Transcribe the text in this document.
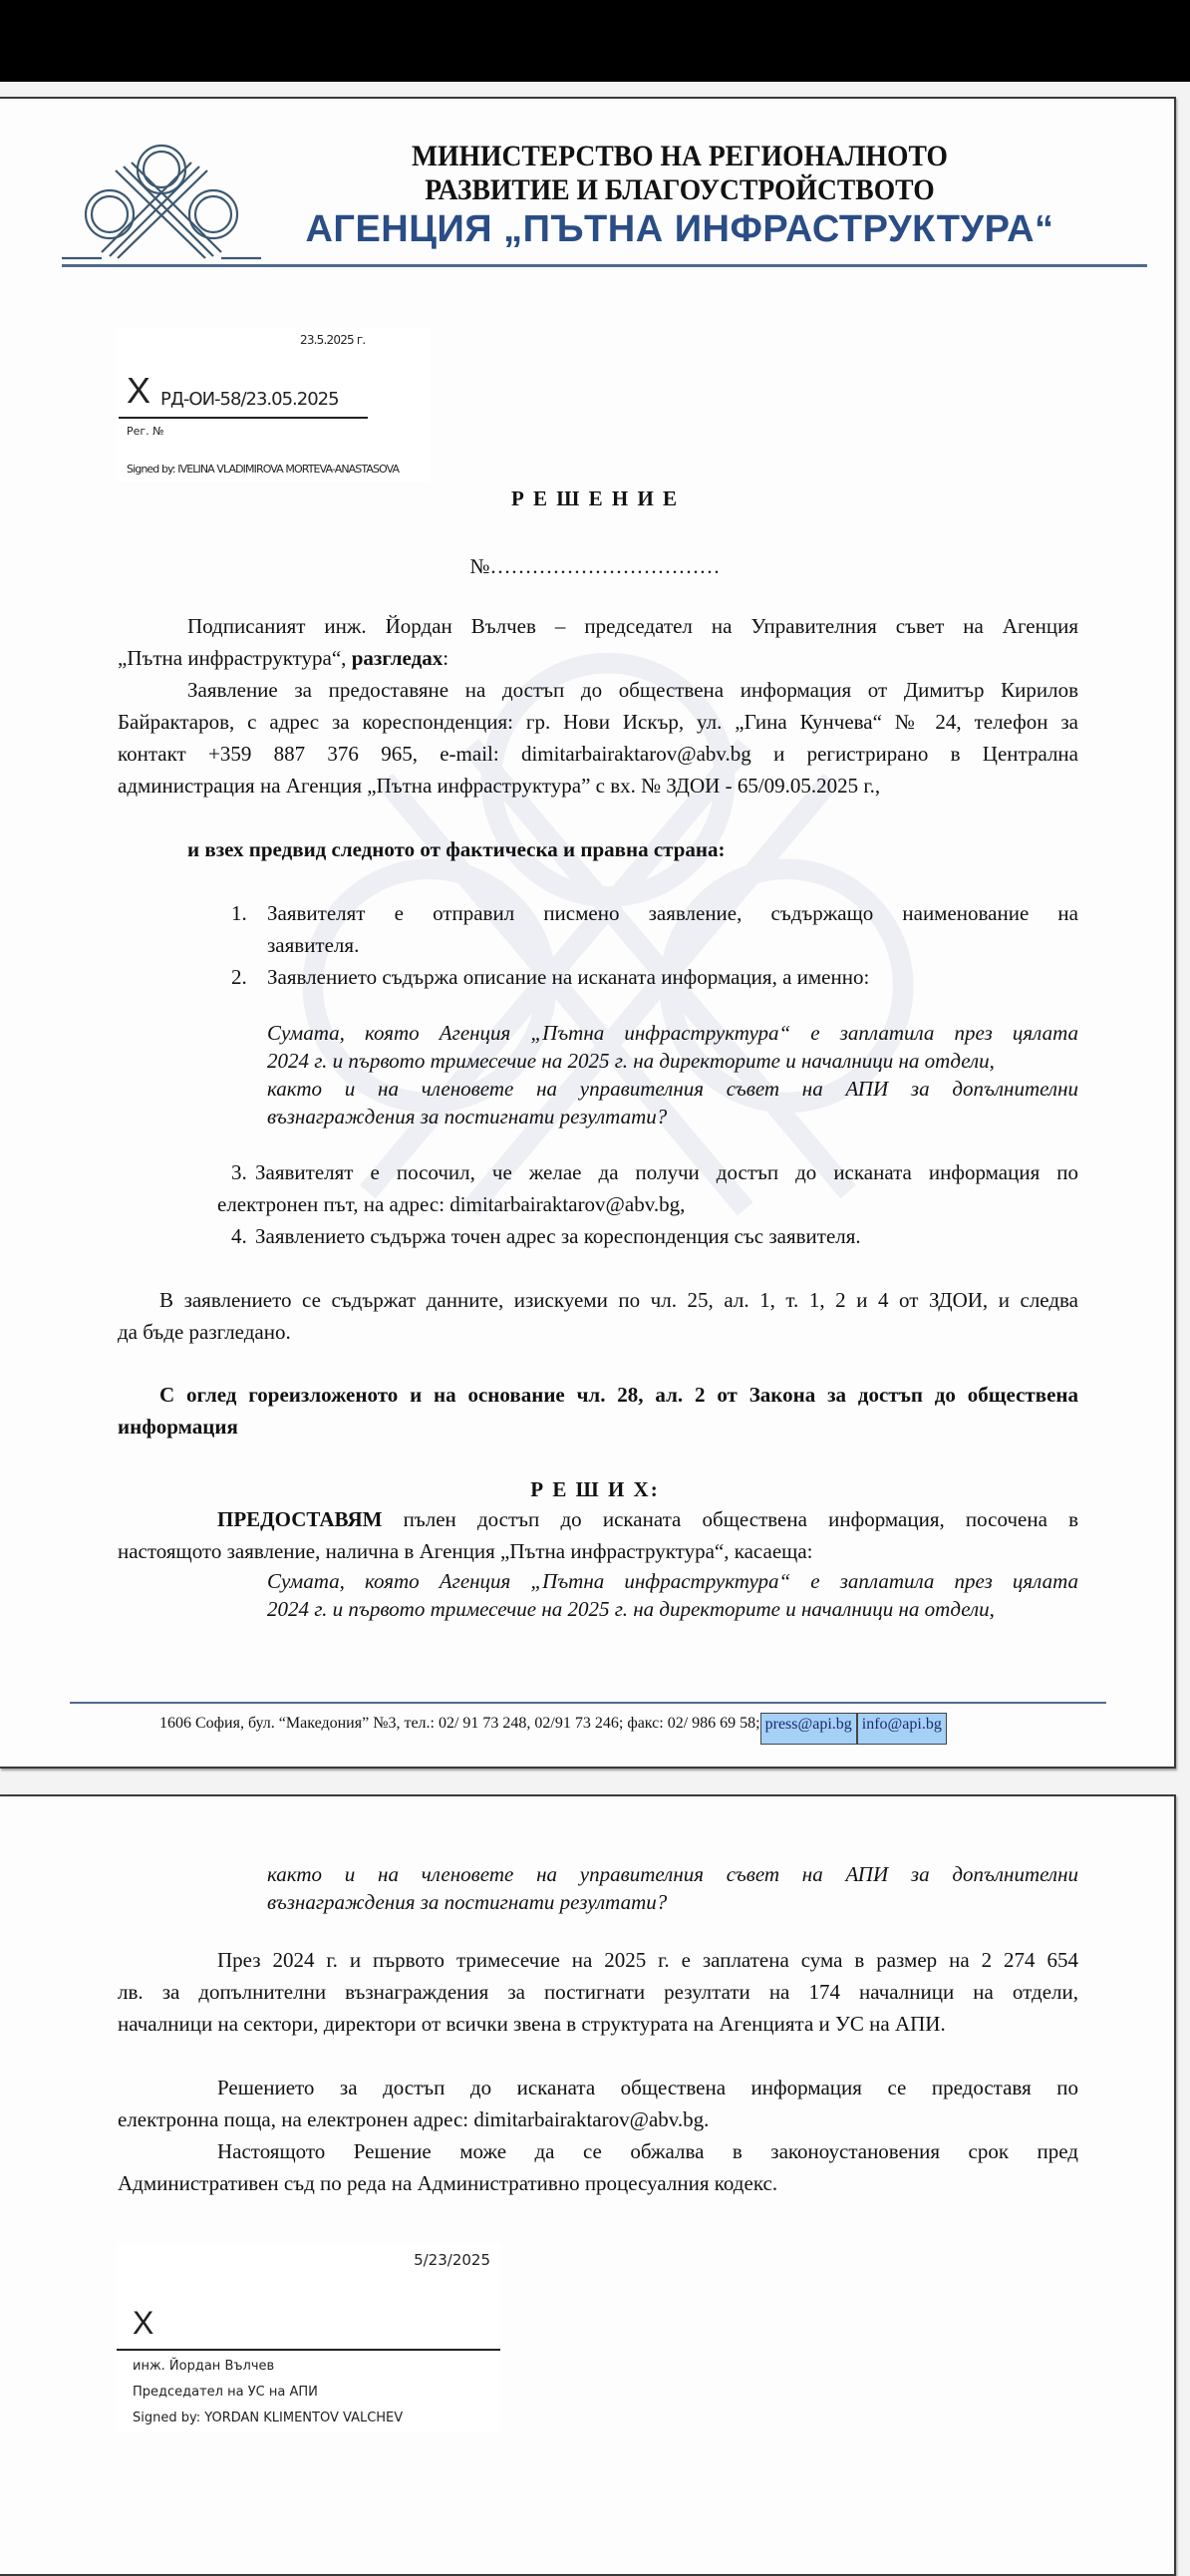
МИНИСТЕРСТВО НА РЕГИОНАЛНОТО
РАЗВИТИЕ И БЛАГОУСТРОЙСТВОТО
АГЕНЦИЯ „ПЪТНА ИНФРАСТРУКТУРА“
23.5.2025 г.
X РД-ОИ-58/23.05.2025
Рег. №
Signed by: IVELINA VLADIMIROVA MORTEVA-ANASTASOVA
Р Е Ш Е Н И Е
№……………………………
Подписаният инж. Йордан Вълчев – председател на Управителния съвет на Агенция
„Пътна инфраструктура“, разгледах:
Заявление за предоставяне на достъп до обществена информация от Димитър Кирилов
Байрактаров, с адрес за кореспонденция: гр. Нови Искър, ул. „Гина Кунчева“ № 24, телефон за
контакт +359 887 376 965, e-mail: dimitarbairaktarov@abv.bg и регистрирано в Централна
администрация на Агенция „Пътна инфраструктура” с вх. № ЗДОИ - 65/09.05.2025 г.,
и взех предвид следното от фактическа и правна страна:
1. Заявителят е отправил писмено заявление, съдържащо наименование на
заявителя.
2. Заявлението съдържа описание на исканата информация, а именно:
Сумата, която Агенция „Пътна инфраструктура“ е заплатила през цялата
2024 г. и първото тримесечие на 2025 г. на директорите и началници на отдели,
както и на членовете на управителния съвет на АПИ за допълнителни
възнаграждения за постигнати резултати?
3. Заявителят е посочил, че желае да получи достъп до исканата информация по
електронен път, на адрес: dimitarbairaktarov@abv.bg,
4. Заявлението съдържа точен адрес за кореспонденция със заявителя.
В заявлението се съдържат данните, изискуеми по чл. 25, ал. 1, т. 1, 2 и 4 от ЗДОИ, и следва
да бъде разгледано.
С оглед гореизложеното и на основание чл. 28, ал. 2 от Закона за достъп до обществена
информация
Р Е Ш И Х:
ПРЕДОСТАВЯМ пълен достъп до исканата обществена информация, посочена в
настоящото заявление, налична в Агенция „Пътна инфраструктура“, касаеща:
Сумата, която Агенция „Пътна инфраструктура“ е заплатила през цялата
2024 г. и първото тримесечие на 2025 г. на директорите и началници на отдели,
1606 София, бул. “Македония” №3, тел.: 02/ 91 73 248, 02/91 73 246; факс: 02/ 986 69 58; press@api.bg info@api.bg
както и на членовете на управителния съвет на АПИ за допълнителни
възнаграждения за постигнати резултати?
През 2024 г. и първото тримесечие на 2025 г. е заплатена сума в размер на 2 274 654
лв. за допълнителни възнаграждения за постигнати резултати на 174 началници на отдели,
началници на сектори, директори от всички звена в структурата на Агенцията и УС на АПИ.
Решението за достъп до исканата обществена информация се предоставя по
електронна поща, на електронен адрес: dimitarbairaktarov@abv.bg.
Настоящото Решение може да се обжалва в законоустановения срок пред
Административен съд по реда на Административно процесуалния кодекс.
5/23/2025
X
инж. Йордан Вълчев
Председател на УС на АПИ
Signed by: YORDAN KLIMENTOV VALCHEV
